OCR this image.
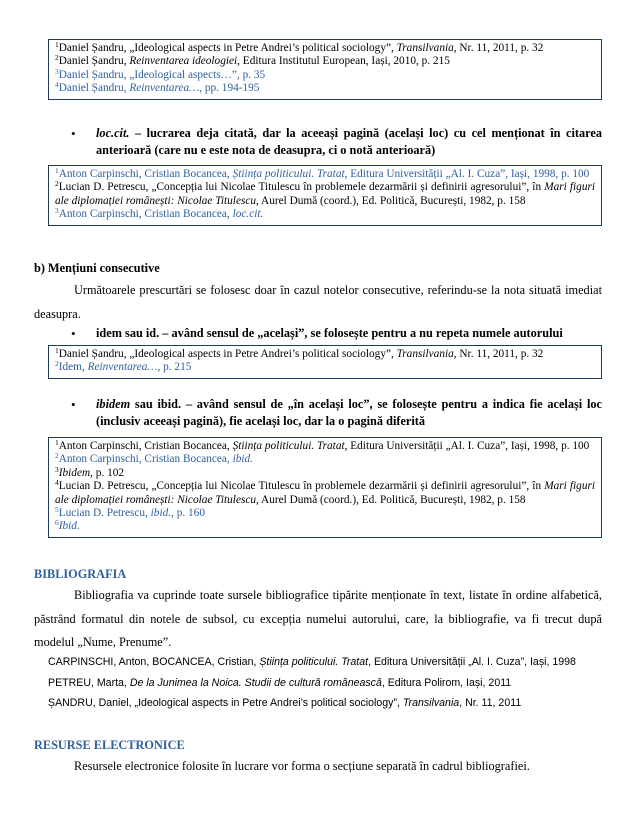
$^1$Daniel Șandru, „Ideological aspects in Petre Andrei’s political sociology”, Transilvania, Nr. 11, 2011, p. 32
$^2$Daniel Șandru, Reinventarea ideologiei, Editura Institutul European, Iași, 2010, p. 215
$^3$Daniel Șandru, „Ideological aspects…”, p. 35
$^4$Daniel Șandru, Reinventarea…, pp. 194-195
• loc.cit. – lucrarea deja citată, dar la aceeași pagină (același loc) cu cel menționat în citarea anterioară (care nu e este nota de deasupra, ci o notă anterioară)
$^1$Anton Carpinschi, Cristian Bocancea, Știința politicului. Tratat, Editura Universității „Al. I. Cuza”, Iași, 1998, p. 100
$^2$Lucian D. Petrescu, „Concepția lui Nicolae Titulescu în problemele dezarmării și definirii agresorului”, în Mari figuri ale diplomației românești: Nicolae Titulescu, Aurel Dumă (coord.), Ed. Politică, București, 1982, p. 158
$^3$Anton Carpinschi, Cristian Bocancea, loc.cit.
b) Mențiuni consecutive
Următoarele prescurtări se folosesc doar în cazul notelor consecutive, referindu-se la nota situată imediat deasupra.
• idem sau id. – având sensul de „același”, se folosește pentru a nu repeta numele autorului
$^1$Daniel Șandru, „Ideological aspects in Petre Andrei’s political sociology”, Transilvania, Nr. 11, 2011, p. 32
$^2$Idem, Reinventarea…, p. 215
• ibidem sau ibid. – având sensul de „în același loc”, se folosește pentru a indica fie același loc (inclusiv aceeași pagină), fie același loc, dar la o pagină diferită
$^1$Anton Carpinschi, Cristian Bocancea, Știința politicului. Tratat, Editura Universității „Al. I. Cuza”, Iași, 1998, p. 100
$^2$Anton Carpinschi, Cristian Bocancea, ibid.
$^3$Ibidem, p. 102
$^4$Lucian D. Petrescu, „Concepția lui Nicolae Titulescu în problemele dezarmării și definirii agresorului”, în Mari figuri ale diplomației românești: Nicolae Titulescu, Aurel Dumă (coord.), Ed. Politică, București, 1982, p. 158
$^5$Lucian D. Petrescu, ibid., p. 160
$^6$Ibid.
BIBLIOGRAFIA
Bibliografia va cuprinde toate sursele bibliografice tipărite menționate în text, listate în ordine alfabetică, păstrând formatul din notele de subsol, cu excepția numelui autorului, care, la bibliografie, va fi trecut după modelul „Nume, Prenume”.
CARPINSCHI, Anton, BOCANCEA, Cristian, Știința politicului. Tratat, Editura Universității „Al. I. Cuza”, Iași, 1998
PETREU, Marta, De la Junimea la Noica. Studii de cultură românească, Editura Polirom, Iași, 2011
ȘANDRU, Daniel, „Ideological aspects in Petre Andrei’s political sociology”, Transilvania, Nr. 11, 2011
RESURSE ELECTRONICE
Resursele electronice folosite în lucrare vor forma o secțiune separată în cadrul bibliografiei.
